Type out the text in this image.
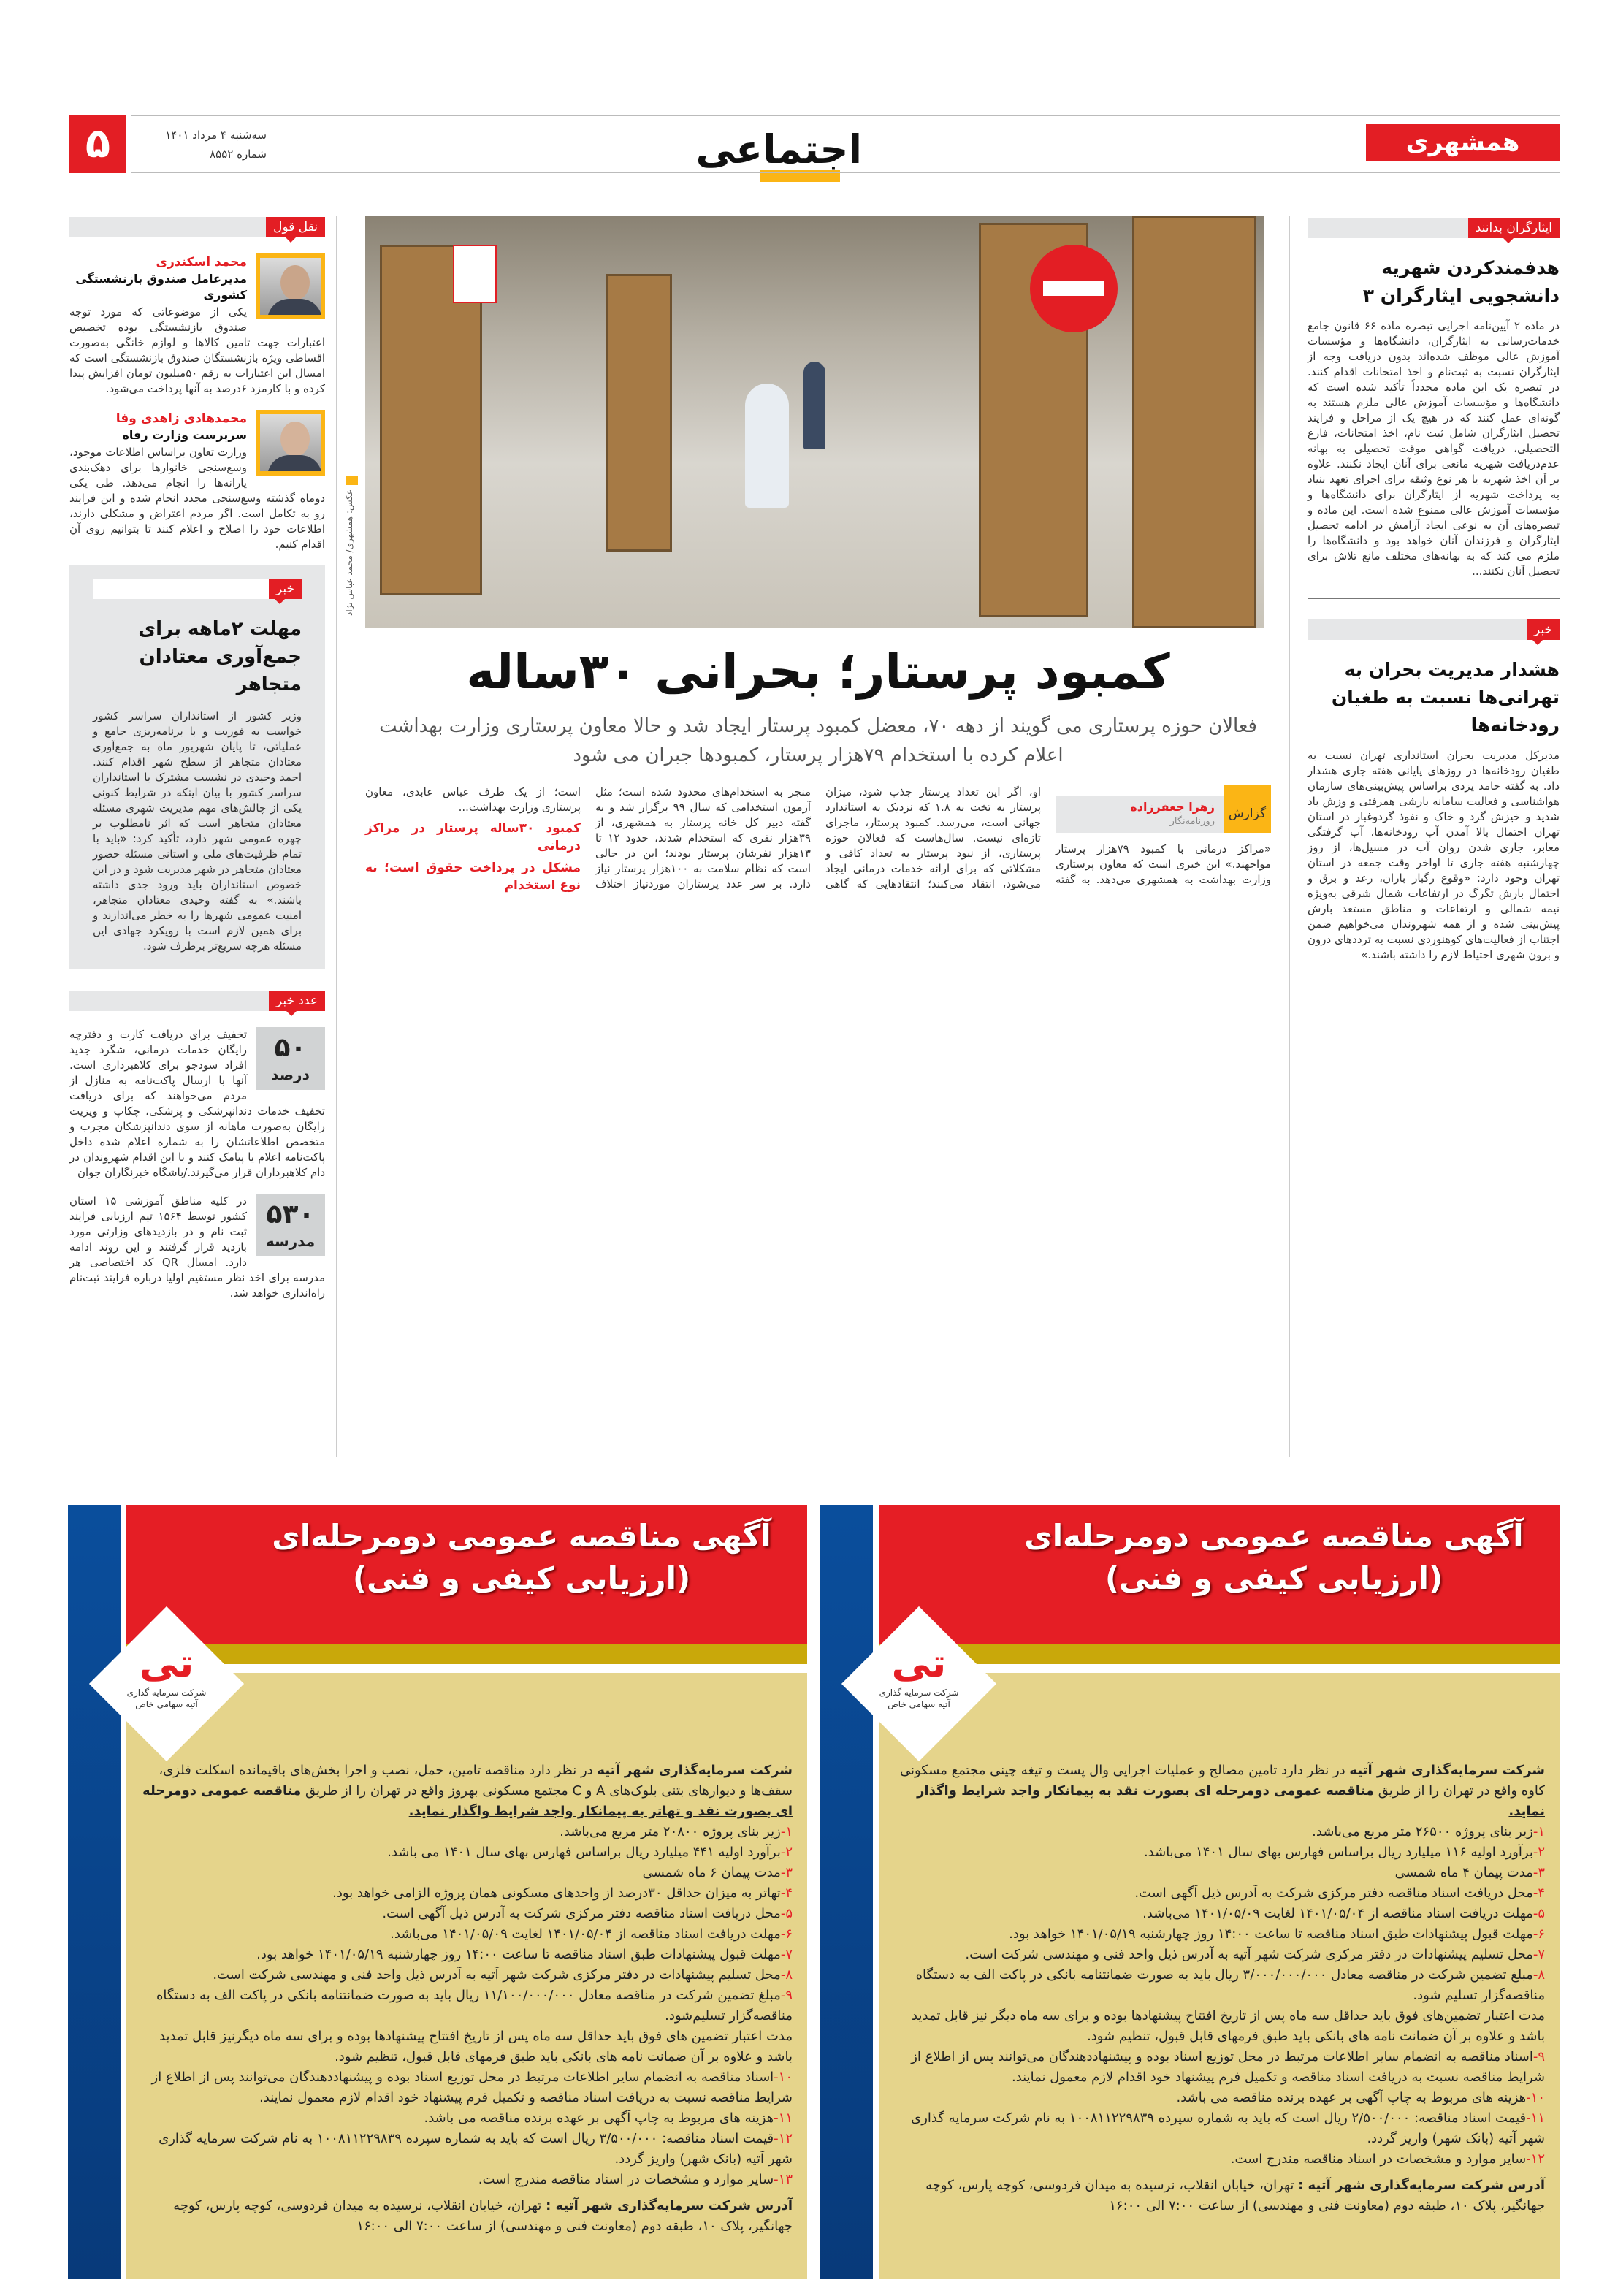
همشهری
۵	سه‌شنبه ۴ مرداد ۱۴۰۱
شماره ۸۵۵۲	اجتماعی
نقل قول
محمد اسکندری
مدیرعامل صندوق بازنشستگی کشوری
یکی از موضوعاتی که مورد توجه صندوق بازنشستگی بوده تخصیص اعتبارات جهت تامین کالاها و لوازم خانگی به‌صورت اقساطی ویژه بازنشستگان صندوق بازنشستگی است که امسال این اعتبارات به رقم ۵۰میلیون تومان افزایش پیدا کرده و با کارمزد ۶درصد به آنها پرداخت می‌شود.
محمدهادی زاهدی وفا
سرپرست وزارت رفاه
وزارت تعاون براساس اطلاعات موجود، وسع‌سنجی خانوارها برای دهک‌بندی یارانه‌ها را انجام می‌دهد. طی یکی دوماه گذشته وسع‌سنجی مجدد انجام شده و این فرایند رو به تکامل است. اگر مردم اعتراض و مشکلی دارند، اطلاعات خود را اصلاح و اعلام کنند تا بتوانیم روی آن اقدام کنیم.
خبر
مهلت ۲ماهه برای جمع‌آوری معتادان متجاهر
وزیر کشور از استانداران سراسر کشور خواست به فوریت و با برنامه‌ریزی جامع و عملیاتی، تا پایان شهریور ماه به جمع‌آوری معتادان متجاهر از سطح شهر اقدام کنند. احمد وحیدی در نشست مشترک با استانداران سراسر کشور با بیان اینکه در شرایط کنونی یکی از چالش‌های مهم مدیریت شهری مسئله معتادان متجاهر است که اثر نامطلوب بر چهره عمومی شهر دارد، تأکید کرد: «باید با تمام ظرفیت‌های ملی و استانی مسئله حضور معتادان متجاهر در شهر مدیریت شود و در این خصوص استانداران باید ورود جدی داشته باشند.» به گفته وحیدی معتادان متجاهر، امنیت عمومی شهرها را به خطر می‌اندازند و برای همین لازم است با رویکرد جهادی این مسئله هرچه سریع‌تر برطرف شود.
عدد خبر
۵۰
درصد
تخفیف برای دریافت کارت و دفترچه رایگان خدمات درمانی، شگرد جدید افراد سودجو برای کلاهبرداری است. آنها با ارسال پاکت‌نامه به منازل از مردم می‌خواهند که برای دریافت تخفیف خدمات دندانپزشکی و پزشکی، چکاپ و ویزیت رایگان به‌صورت ماهانه از سوی دندانپزشکان مجرب و متخصص اطلاعاتشان را به شماره اعلام شده داخل پاکت‌نامه اعلام یا پیامک کنند و با این اقدام شهروندان در دام کلاهبرداران قرار می‌گیرند./باشگاه خبرنگاران جوان
۵۳۰
مدرسه
در کلیه مناطق آموزشی ۱۵ استان کشور توسط ۱۵۶۴ تیم ارزیابی فرایند ثبت نام و در بازدیدهای وزارتی مورد بازدید قرار گرفتند و این روند ادامه دارد. امسال QR کد اختصاصی هر مدرسه برای اخذ نظر مستقیم اولیا درباره فرایند ثبت‌نام راه‌اندازی خواهد شد.
عکس: همشهری/ محمد عباس نژاد
کمبود پرستار؛ بحرانی ۳۰ساله
فعالان حوزه پرستاری می گویند از دهه ۷۰، معضل کمبود پرستار ایجاد شد و حالا معاون پرستاری وزارت بهداشت اعلام کرده با استخدام ۷۹هزار پرستار، کمبودها جبران می شود
گزارش
زهرا جعفرزاده
روزنامه‌نگار

«مراکز درمانی با کمبود ۷۹هزار پرستار مواجهند.» این خبری است که معاون پرستاری وزارت بهداشت به همشهری می‌دهد. به گفته او، اگر این تعداد پرستار جذب شود، میزان پرستار به تخت به ۱.۸ که نزدیک به استاندارد جهانی است، می‌رسد. کمبود پرستار، ماجرای تازه‌ای نیست. سال‌هاست که فعالان حوزه پرستاری، از نبود پرستار به تعداد کافی و مشکلاتی که برای ارائه خدمات درمانی ایجاد می‌شود، انتقاد می‌کنند؛ انتقادهایی که گاهی منجر به استخدام‌های محدود شده است؛ مثل آزمون استخدامی که سال ۹۹ برگزار شد و به گفته دبیر کل خانه پرستار به همشهری، از ۳۹هزار نفری که استخدام شدند، حدود ۱۲ تا ۱۳هزار نفرشان پرستار بودند؛ این در حالی است که نظام سلامت به ۱۰۰هزار پرستار نیاز دارد. بر سر عدد پرستاران موردنیاز اختلاف است؛ از یک طرف عباس عابدی، معاون پرستاری وزارت بهداشت...

کمبود ۳۰ساله پرستار در مراکز درمانی
مشکل در پرداخت حقوق است؛ نه نوع استخدام
ایثارگران بدانند
هدفمندکردن شهریه دانشجویی ایثارگران ۳
در ماده ۲ آیین‌نامه اجرایی تبصره ماده ۶۶ قانون جامع خدمات‌رسانی به ایثارگران، دانشگاه‌ها و مؤسسات آموزش عالی موظف شده‌اند بدون دریافت وجه از ایثارگران نسبت به ثبت‌نام و اخذ امتحانات اقدام کنند. در تبصره یک این ماده مجدداً تأکید شده است که دانشگاه‌ها و مؤسسات آموزش عالی ملزم هستند به گونه‌ای عمل کنند که در هیچ یک از مراحل و فرایند تحصیل ایثارگران شامل ثبت نام، اخذ امتحانات، فارغ التحصیلی، دریافت گواهی موقت تحصیلی به بهانه عدم‌دریافت شهریه مانعی برای آنان ایجاد نکنند. علاوه بر آن اخذ شهریه یا هر نوع وثیقه برای اجرای تعهد بنیاد به پرداخت شهریه از ایثارگران برای دانشگاه‌ها و مؤسسات آموزش عالی ممنوع شده است. این ماده و تبصره‌های آن به نوعی ایجاد آرامش در ادامه تحصیل ایثارگران و فرزندان آنان خواهد بود و دانشگاه‌ها را ملزم می کند که به بهانه‌های مختلف مانع تلاش برای تحصیل آنان نکنند...
خبر
هشدار مدیریت بحران به تهرانی‌ها نسبت به طغیان رودخانه‌ها
مدیرکل مدیریت بحران استانداری تهران نسبت به طغیان رودخانه‌ها در روزهای پایانی هفته جاری هشدار داد. به گفته حامد یزدی براساس پیش‌بینی‌های سازمان هواشناسی و فعالیت سامانه بارشی همرفتی و وزش باد شدید و خیزش گرد و خاک و نفوذ گردوغبار در استان تهران احتمال بالا آمدن آب رودخانه‌ها، آب گرفتگی معابر، جاری شدن روان آب در مسیل‌ها، از روز چهارشنبه هفته جاری تا اواخر وقت جمعه در استان تهران وجود دارد: «وقوع رگبار باران، رعد و برق و احتمال بارش تگرگ در ارتفاعات شمال شرقی به‌ویژه نیمه شمالی و ارتفاعات و مناطق مستعد بارش پیش‌بینی شده و از همه شهروندان می‌خواهیم ضمن اجتناب از فعالیت‌های کوهنوردی نسبت به ترددهای درون و برون شهری احتیاط لازم را داشته باشند.»
تی
شرکت سرمایه گذاری آتیه سهامی خاص
آگهی مناقصه عمومی دومرحله‌ای
(ارزیابی کیفی و فنی)
شرکت سرمایه‌گذاری شهر آتیه در نظر دارد مناقصه تامین، حمل، نصب و اجرا بخش‌های باقیمانده اسکلت فلزی، سقف‌ها و دیوارهای بتنی بلوک‌های A و C مجتمع مسکونی بهروز واقع در تهران را از طریق مناقصه عمومی دومرحله ای بصورت نقد و تهاتر به پیمانکار واجد شرایط واگذار نماید.
۱-زیر بنای پروژه ۲۰۸۰۰ متر مربع می‌باشد.
۲-برآورد اولیه ۴۴۱ میلیارد ریال براساس فهارس بهای سال ۱۴۰۱ می باشد.
۳-مدت پیمان ۶ ماه شمسی
۴-تهاتر به میزان حداقل ۳۰درصد از واحدهای مسکونی همان پروژه الزامی خواهد بود.
۵-محل دریافت اسناد مناقصه دفتر مرکزی شرکت به آدرس ذیل آگهی است.
۶-مهلت دریافت اسناد مناقصه از ۱۴۰۱/۰۵/۰۴ لغایت ۱۴۰۱/۰۵/۰۹ می‌باشد.
۷-مهلت قبول پیشنهادات طبق اسناد مناقصه تا ساعت ۱۴:۰۰ روز چهارشنبه ۱۴۰۱/۰۵/۱۹ خواهد بود.
۸-محل تسلیم پیشنهادات در دفتر مرکزی شرکت شهر آتیه به آدرس ذیل واحد فنی و مهندسی شرکت است.
۹-مبلغ تضمین شرکت در مناقصه معادل ۱۱/۱۰۰/۰۰۰/۰۰۰ ریال باید به صورت ضمانتنامه بانکی در پاکت الف به دستگاه مناقصه‌گزار تسلیم‌شود.
مدت اعتبار تضمین های فوق باید حداقل سه ماه پس از تاریخ افتتاح پیشنهادها بوده و برای سه ماه دیگرنیز قابل تمدید باشد و علاوه بر آن ضمانت نامه های بانکی باید طبق فرمهای قابل قبول، تنظیم شود.
۱۰-اسناد مناقصه به انضمام سایر اطلاعات مرتبط در محل توزیع اسناد بوده و پیشنهاددهندگان می‌توانند پس از اطلاع از شرایط مناقصه نسبت به دریافت اسناد مناقصه و تکمیل فرم پیشنهاد خود اقدام لازم معمول نمایند.
۱۱-هزینه های مربوط به چاپ آگهی بر عهده برنده مناقصه می باشد.
۱۲-قیمت اسناد مناقصه: ۳/۵۰۰/۰۰۰ ریال است که باید به شماره سپرده ۱۰۰۸۱۱۲۲۹۸۳۹ به نام شرکت سرمایه گذاری شهر آتیه (بانک شهر) واریز گردد.
۱۳-سایر موارد و مشخصات در اسناد مناقصه مندرج است.
آدرس شرکت سرمایه‌گذاری شهر آتیه : تهران، خیابان انقلاب، نرسیده به میدان فردوسی، کوچه پارس، کوچه جهانگیر، پلاک ۱۰، طبقه دوم (معاونت فنی و مهندسی) از ساعت ۷:۰۰ الی ۱۶:۰۰
تی
شرکت سرمایه گذاری آتیه سهامی خاص
آگهی مناقصه عمومی دومرحله‌ای
(ارزیابی کیفی و فنی)
شرکت سرمایه‌گذاری شهر آتیه در نظر دارد تامین مصالح و عملیات اجرایی وال پست و تیغه چینی مجتمع مسکونی کاوه واقع در تهران را از طریق مناقصه عمومی دومرحله ای بصورت نقد به پیمانکار واجد شرایط واگذار نماید.
۱-زیر بنای پروژه ۲۶۵۰۰ متر مربع می‌باشد.
۲-برآورد اولیه ۱۱۶ میلیارد ریال براساس فهارس بهای سال ۱۴۰۱ می‌باشد.
۳-مدت پیمان ۴ ماه شمسی
۴-محل دریافت اسناد مناقصه دفتر مرکزی شرکت به آدرس ذیل آگهی است.
۵-مهلت دریافت اسناد مناقصه از ۱۴۰۱/۰۵/۰۴ لغایت ۱۴۰۱/۰۵/۰۹ می‌باشد.
۶-مهلت قبول پیشنهادات طبق اسناد مناقصه تا ساعت ۱۴:۰۰ روز چهارشنبه ۱۴۰۱/۰۵/۱۹ خواهد بود.
۷-محل تسلیم پیشنهادات در دفتر مرکزی شرکت شهر آتیه به آدرس ذیل واحد فنی و مهندسی شرکت است.
۸-مبلغ تضمین شرکت در مناقصه معادل ۳/۰۰۰/۰۰۰/۰۰۰ ریال باید به صورت ضمانتنامه بانکی در پاکت الف به دستگاه مناقصه‌گزار تسلیم شود.
مدت اعتبار تضمین‌های فوق باید حداقل سه ماه پس از تاریخ افتتاح پیشنهادها بوده و برای سه ماه دیگر نیز قابل تمدید باشد و علاوه بر آن ضمانت نامه های بانکی باید طبق فرمهای قابل قبول، تنظیم شود.
۹-اسناد مناقصه به انضمام سایر اطلاعات مرتبط در محل توزیع اسناد بوده و پیشنهاددهندگان می‌توانند پس از اطلاع از شرایط مناقصه نسبت به دریافت اسناد مناقصه و تکمیل فرم پیشنهاد خود اقدام لازم معمول نمایند.
۱۰-هزینه های مربوط به چاپ آگهی بر عهده برنده مناقصه می باشد.
۱۱-قیمت اسناد مناقصه: ۲/۵۰۰/۰۰۰ ریال است که باید به شماره سپرده ۱۰۰۸۱۱۲۲۹۸۳۹ به نام شرکت سرمایه گذاری شهر آتیه (بانک شهر) واریز گردد.
۱۲-سایر موارد و مشخصات در اسناد مناقصه مندرج است.
آدرس شرکت سرمایه‌گذاری شهر آتیه : تهران، خیابان انقلاب، نرسیده به میدان فردوسی، کوچه پارس، کوچه جهانگیر، پلاک ۱۰، طبقه دوم (معاونت فنی و مهندسی) از ساعت ۷:۰۰ الی ۱۶:۰۰
